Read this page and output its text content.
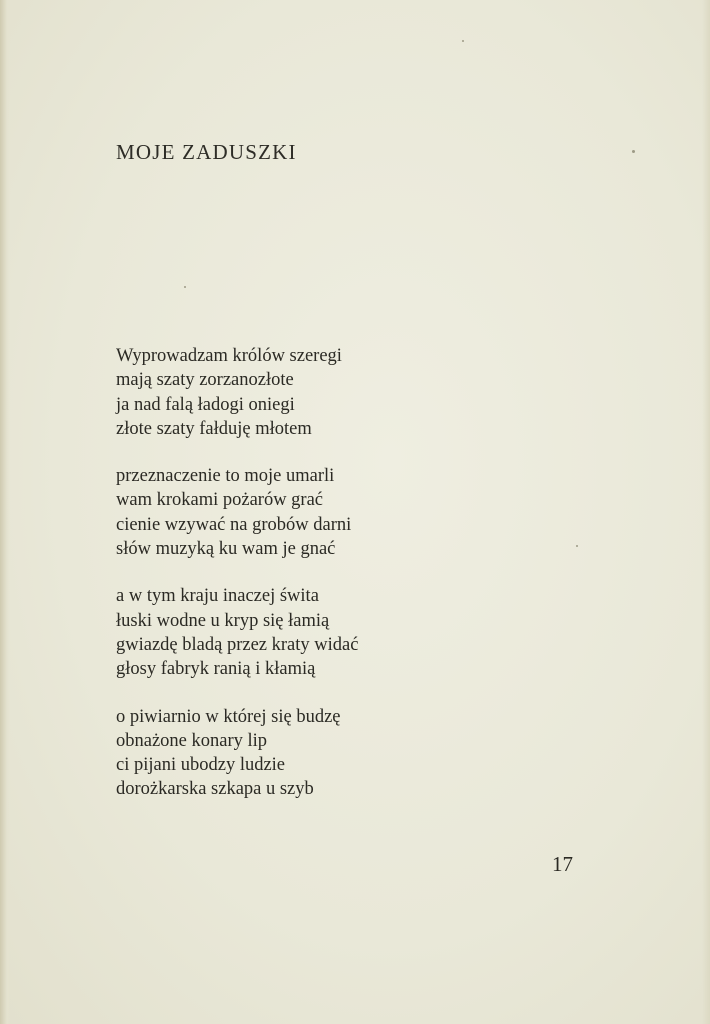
MOJE ZADUSZKI
Wyprowadzam królów szeregi
mają szaty zorzanozłote
ja nad falą ładogi oniegi
złote szaty fałduję młotem
przeznaczenie to moje umarli
wam krokami pożarów grać
cienie wzywać na grobów darni
słów muzyką ku wam je gnać
a w tym kraju inaczej świta
łuski wodne u kryp się łamią
gwiazdę bladą przez kraty widać
głosy fabryk ranią i kłamią
o piwiarnio w której się budzę
obnażone konary lip
ci pijani ubodzy ludzie
dorożkarska szkapa u szyb
17
